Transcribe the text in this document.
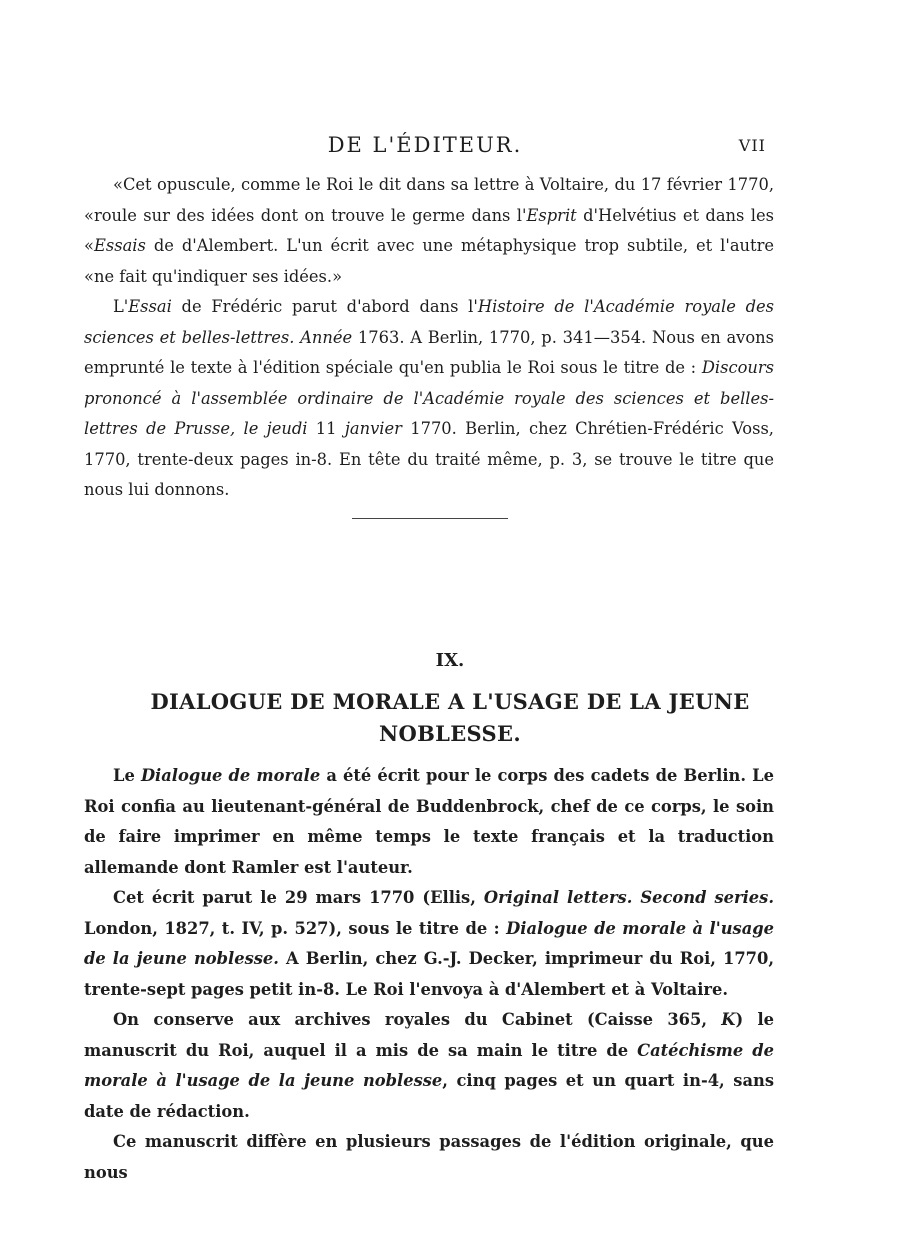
DE L'ÉDITEUR.	VII

«Cet opuscule, comme le Roi le dit dans sa lettre à Voltaire, du 17 février 1770, «roule sur des idées dont on trouve le germe dans l'Esprit d'Helvétius et dans les «Essais de d'Alembert. L'un écrit avec une métaphysique trop subtile, et l'autre «ne fait qu'indiquer ses idées.»

L'Essai de Frédéric parut d'abord dans l'Histoire de l'Académie royale des sciences et belles-lettres. Année 1763. A Berlin, 1770, p. 341—354. Nous en avons emprunté le texte à l'édition spéciale qu'en publia le Roi sous le titre de : Discours prononcé à l'assemblée ordinaire de l'Académie royale des sciences et belles-lettres de Prusse, le jeudi 11 janvier 1770. Berlin, chez Chrétien-Frédéric Voss, 1770, trente-deux pages in-8. En tête du traité même, p. 3, se trouve le titre que nous lui donnons.

IX.
DIALOGUE DE MORALE A L'USAGE DE LA JEUNE NOBLESSE.

Le Dialogue de morale a été écrit pour le corps des cadets de Berlin. Le Roi confia au lieutenant-général de Buddenbrock, chef de ce corps, le soin de faire imprimer en même temps le texte français et la traduction allemande dont Ramler est l'auteur.

Cet écrit parut le 29 mars 1770 (Ellis, Original letters. Second series. London, 1827, t. IV, p. 527), sous le titre de : Dialogue de morale à l'usage de la jeune noblesse. A Berlin, chez G.-J. Decker, imprimeur du Roi, 1770, trente-sept pages petit in-8. Le Roi l'envoya à d'Alembert et à Voltaire.

On conserve aux archives royales du Cabinet (Caisse 365, K) le manuscrit du Roi, auquel il a mis de sa main le titre de Catéchisme de morale à l'usage de la jeune noblesse, cinq pages et un quart in-4, sans date de rédaction.

Ce manuscrit diffère en plusieurs passages de l'édition originale, que nous
